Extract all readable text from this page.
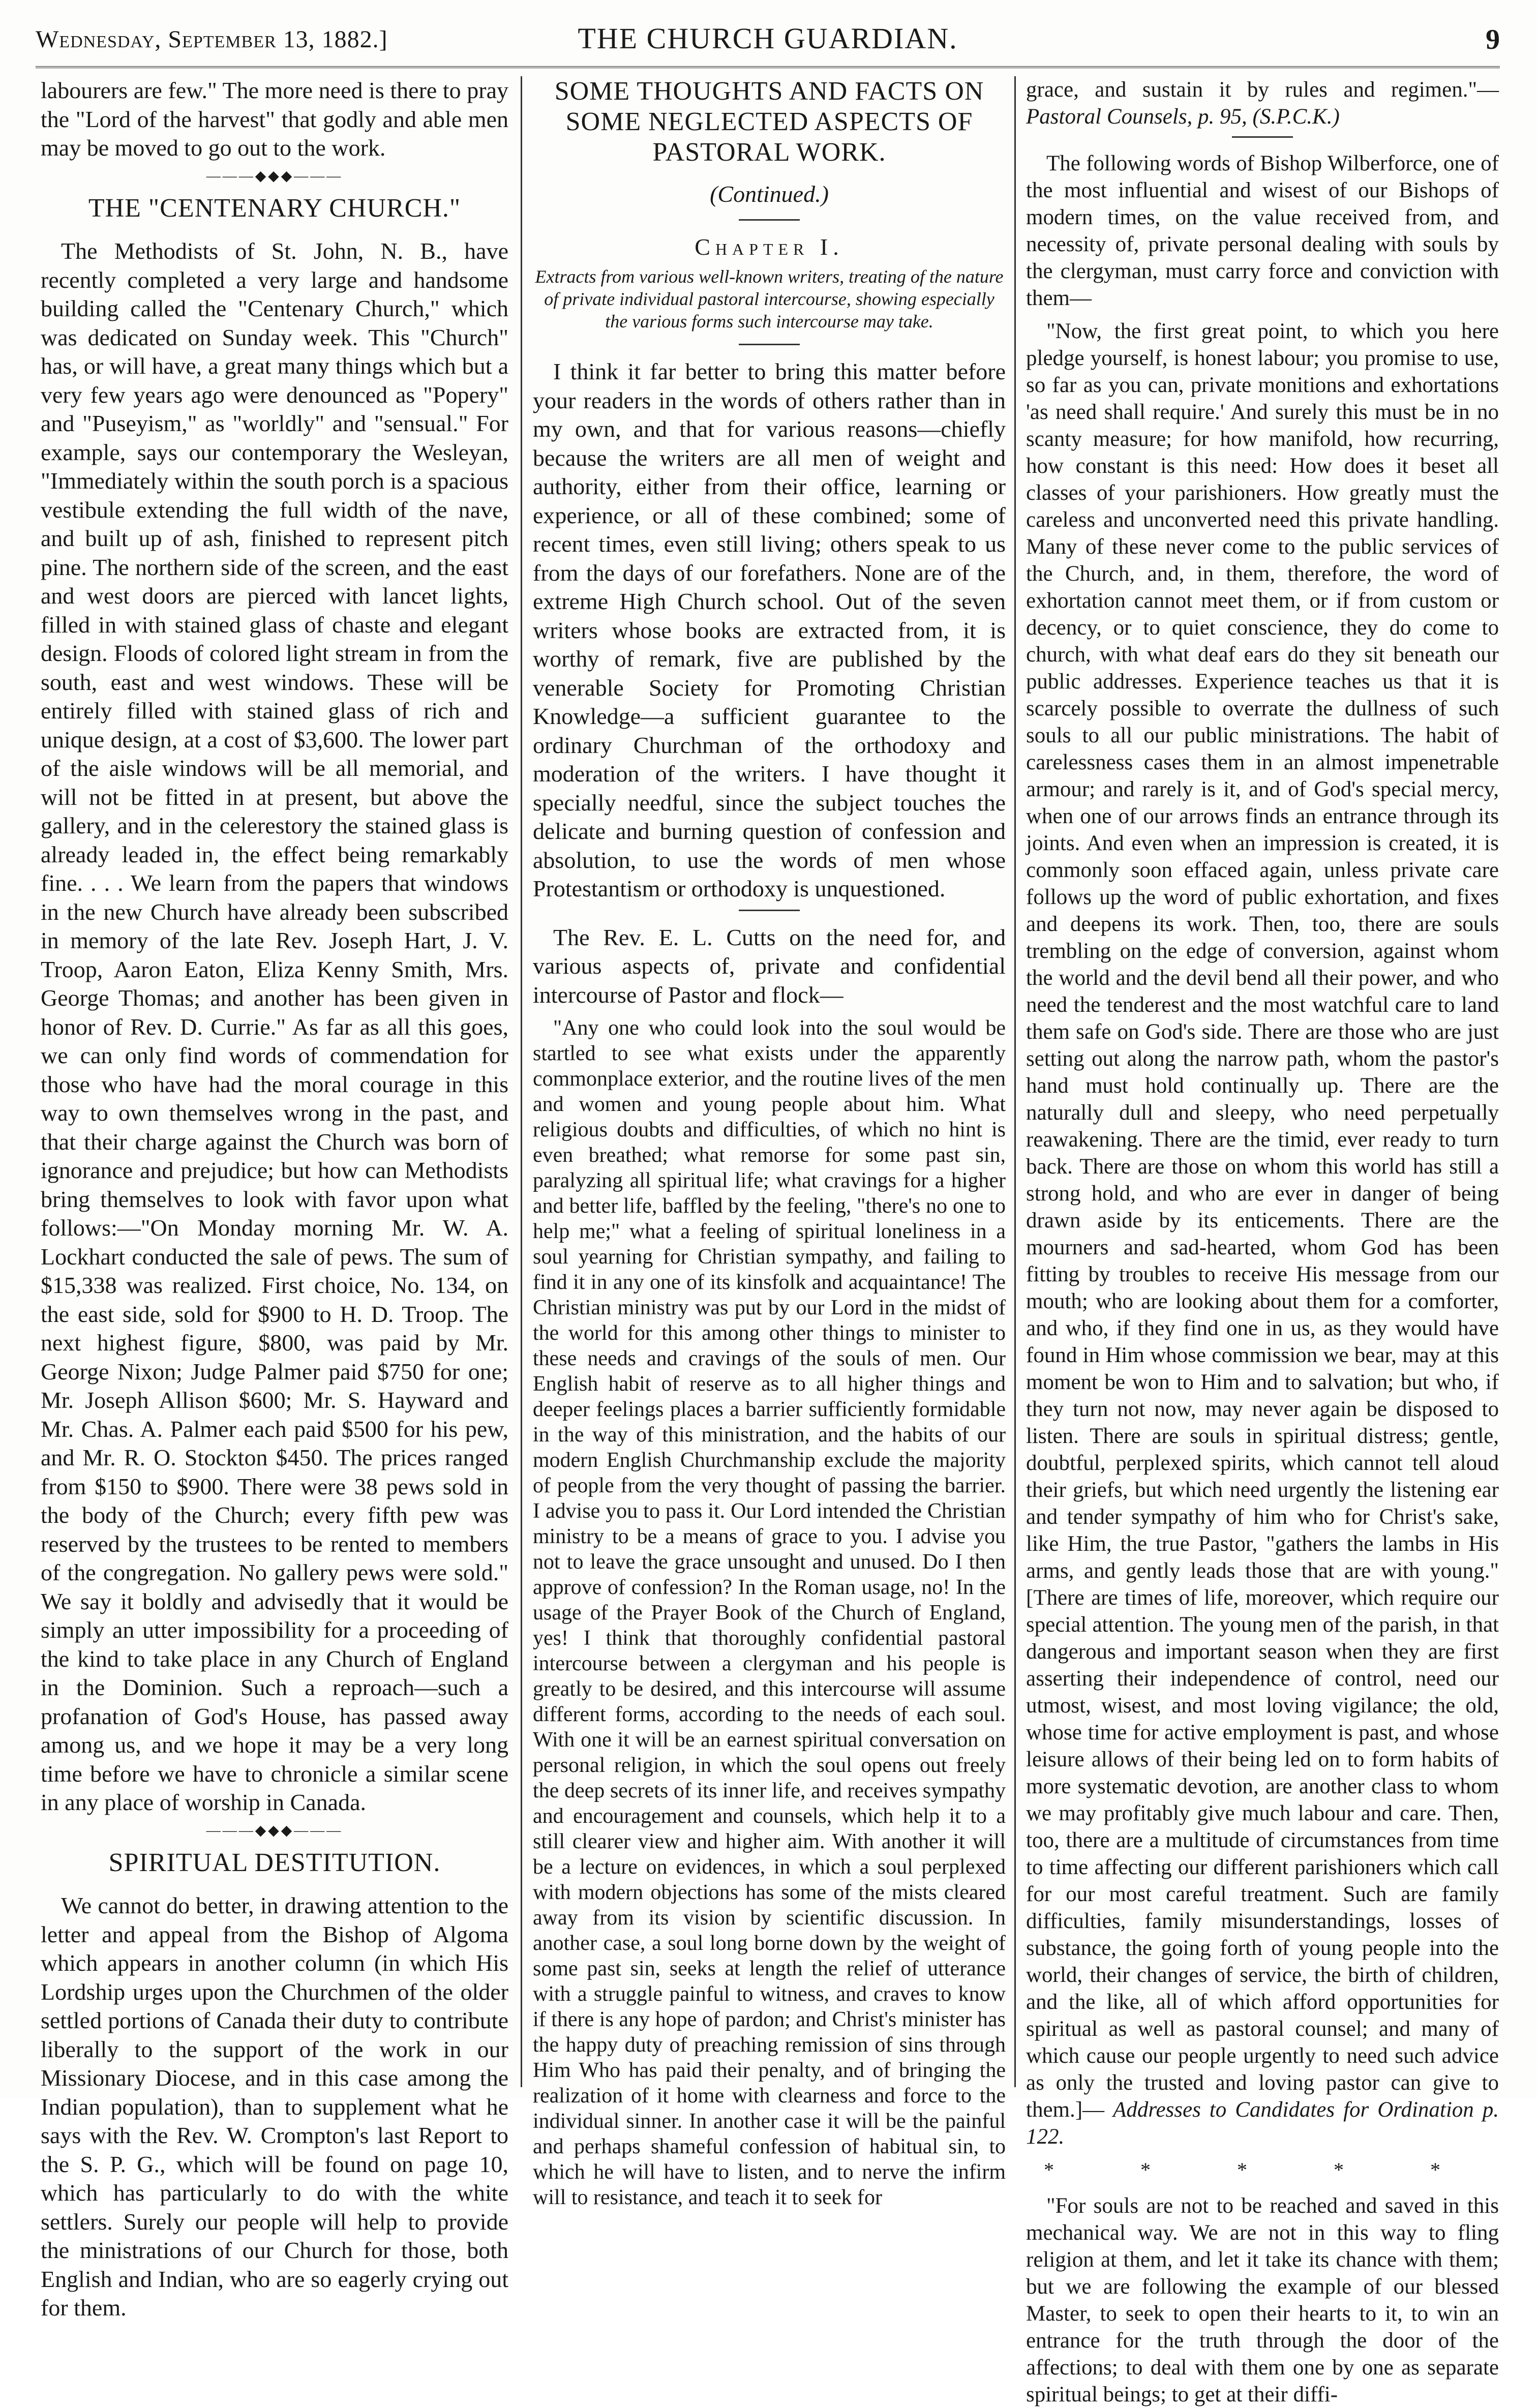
Wednesday, September 13, 1882.]	THE CHURCH GUARDIAN.	9

labourers are few." The more need is there to pray the "Lord of the harvest" that godly and able men may be moved to go out to the work.

———◆◆◆———
THE "CENTENARY CHURCH."

The Methodists of St. John, N. B., have recently completed a very large and handsome building called the "Centenary Church," which was dedicated on Sunday week. This "Church" has, or will have, a great many things which but a very few years ago were denounced as "Popery" and "Puseyism," as "worldly" and "sensual." For example, says our contemporary the Wesleyan, "Immediately within the south porch is a spacious vestibule extending the full width of the nave, and built up of ash, finished to represent pitch pine. The northern side of the screen, and the east and west doors are pierced with lancet lights, filled in with stained glass of chaste and elegant design. Floods of colored light stream in from the south, east and west windows. These will be entirely filled with stained glass of rich and unique design, at a cost of $3,600. The lower part of the aisle windows will be all memorial, and will not be fitted in at present, but above the gallery, and in the celerestory the stained glass is already leaded in, the effect being remarkably fine. . . . We learn from the papers that windows in the new Church have already been subscribed in memory of the late Rev. Joseph Hart, J. V. Troop, Aaron Eaton, Eliza Kenny Smith, Mrs. George Thomas; and another has been given in honor of Rev. D. Currie." As far as all this goes, we can only find words of commendation for those who have had the moral courage in this way to own themselves wrong in the past, and that their charge against the Church was born of ignorance and prejudice; but how can Methodists bring themselves to look with favor upon what follows:—"On Monday morning Mr. W. A. Lockhart conducted the sale of pews. The sum of $15,338 was realized. First choice, No. 134, on the east side, sold for $900 to H. D. Troop. The next highest figure, $800, was paid by Mr. George Nixon; Judge Palmer paid $750 for one; Mr. Joseph Allison $600; Mr. S. Hayward and Mr. Chas. A. Palmer each paid $500 for his pew, and Mr. R. O. Stockton $450. The prices ranged from $150 to $900. There were 38 pews sold in the body of the Church; every fifth pew was reserved by the trustees to be rented to members of the congregation. No gallery pews were sold." We say it boldly and advisedly that it would be simply an utter impossibility for a proceeding of the kind to take place in any Church of England in the Dominion. Such a reproach—such a profanation of God's House, has passed away among us, and we hope it may be a very long time before we have to chronicle a similar scene in any place of worship in Canada.

———◆◆◆———
SPIRITUAL DESTITUTION.

We cannot do better, in drawing attention to the letter and appeal from the Bishop of Algoma which appears in another column (in which His Lordship urges upon the Churchmen of the older settled portions of Canada their duty to contribute liberally to the support of the work in our Missionary Diocese, and in this case among the Indian population), than to supplement what he says with the Rev. W. Crompton's last Report to the S. P. G., which will be found on page 10, which has particularly to do with the white settlers. Surely our people will help to provide the ministrations of our Church for those, both English and Indian, who are so eagerly crying out for them.

SOME THOUGHTS AND FACTS ON SOME NEGLECTED ASPECTS OF PASTORAL WORK.
(Continued.)
Chapter I.
Extracts from various well-known writers, treating of the nature of private individual pastoral intercourse, showing especially the various forms such intercourse may take.

I think it far better to bring this matter before your readers in the words of others rather than in my own, and that for various reasons—chiefly because the writers are all men of weight and authority, either from their office, learning or experience, or all of these combined; some of recent times, even still living; others speak to us from the days of our forefathers. None are of the extreme High Church school. Out of the seven writers whose books are extracted from, it is worthy of remark, five are published by the venerable Society for Promoting Christian Knowledge—a sufficient guarantee to the ordinary Churchman of the orthodoxy and moderation of the writers. I have thought it specially needful, since the subject touches the delicate and burning question of confession and absolution, to use the words of men whose Protestantism or orthodoxy is unquestioned.

The Rev. E. L. Cutts on the need for, and various aspects of, private and confidential intercourse of Pastor and flock—

"Any one who could look into the soul would be startled to see what exists under the apparently commonplace exterior, and the routine lives of the men and women and young people about him. What religious doubts and difficulties, of which no hint is even breathed; what remorse for some past sin, paralyzing all spiritual life; what cravings for a higher and better life, baffled by the feeling, "there's no one to help me;" what a feeling of spiritual loneliness in a soul yearning for Christian sympathy, and failing to find it in any one of its kinsfolk and acquaintance! The Christian ministry was put by our Lord in the midst of the world for this among other things to minister to these needs and cravings of the souls of men. Our English habit of reserve as to all higher things and deeper feelings places a barrier sufficiently formidable in the way of this ministration, and the habits of our modern English Churchmanship exclude the majority of people from the very thought of passing the barrier. I advise you to pass it. Our Lord intended the Christian ministry to be a means of grace to you. I advise you not to leave the grace unsought and unused. Do I then approve of confession? In the Roman usage, no! In the usage of the Prayer Book of the Church of England, yes! I think that thoroughly confidential pastoral intercourse between a clergyman and his people is greatly to be desired, and this intercourse will assume different forms, according to the needs of each soul. With one it will be an earnest spiritual conversation on personal religion, in which the soul opens out freely the deep secrets of its inner life, and receives sympathy and encouragement and counsels, which help it to a still clearer view and higher aim. With another it will be a lecture on evidences, in which a soul perplexed with modern objections has some of the mists cleared away from its vision by scientific discussion. In another case, a soul long borne down by the weight of some past sin, seeks at length the relief of utterance with a struggle painful to witness, and craves to know if there is any hope of pardon; and Christ's minister has the happy duty of preaching remission of sins through Him Who has paid their penalty, and of bringing the realization of it home with clearness and force to the individual sinner. In another case it will be the painful and perhaps shameful confession of habitual sin, to which he will have to listen, and to nerve the infirm will to resistance, and teach it to seek for

grace, and sustain it by rules and regimen."— Pastoral Counsels, p. 95, (S.P.C.K.)

The following words of Bishop Wilberforce, one of the most influential and wisest of our Bishops of modern times, on the value received from, and necessity of, private personal dealing with souls by the clergyman, must carry force and conviction with them—

"Now, the first great point, to which you here pledge yourself, is honest labour; you promise to use, so far as you can, private monitions and exhortations 'as need shall require.' And surely this must be in no scanty measure; for how manifold, how recurring, how constant is this need: How does it beset all classes of your parishioners. How greatly must the careless and unconverted need this private handling. Many of these never come to the public services of the Church, and, in them, therefore, the word of exhortation cannot meet them, or if from custom or decency, or to quiet conscience, they do come to church, with what deaf ears do they sit beneath our public addresses. Experience teaches us that it is scarcely possible to overrate the dullness of such souls to all our public ministrations. The habit of carelessness cases them in an almost impenetrable armour; and rarely is it, and of God's special mercy, when one of our arrows finds an entrance through its joints. And even when an impression is created, it is commonly soon effaced again, unless private care follows up the word of public exhortation, and fixes and deepens its work. Then, too, there are souls trembling on the edge of conversion, against whom the world and the devil bend all their power, and who need the tenderest and the most watchful care to land them safe on God's side. There are those who are just setting out along the narrow path, whom the pastor's hand must hold continually up. There are the naturally dull and sleepy, who need perpetually reawakening. There are the timid, ever ready to turn back. There are those on whom this world has still a strong hold, and who are ever in danger of being drawn aside by its enticements. There are the mourners and sad-hearted, whom God has been fitting by troubles to receive His message from our mouth; who are looking about them for a comforter, and who, if they find one in us, as they would have found in Him whose commission we bear, may at this moment be won to Him and to salvation; but who, if they turn not now, may never again be disposed to listen. There are souls in spiritual distress; gentle, doubtful, perplexed spirits, which cannot tell aloud their griefs, but which need urgently the listening ear and tender sympathy of him who for Christ's sake, like Him, the true Pastor, "gathers the lambs in His arms, and gently leads those that are with young." [There are times of life, moreover, which require our special attention. The young men of the parish, in that dangerous and important season when they are first asserting their independence of control, need our utmost, wisest, and most loving vigilance; the old, whose time for active employment is past, and whose leisure allows of their being led on to form habits of more systematic devotion, are another class to whom we may profitably give much labour and care. Then, too, there are a multitude of circumstances from time to time affecting our different parishioners which call for our most careful treatment. Such are family difficulties, family misunderstandings, losses of substance, the going forth of young people into the world, their changes of service, the birth of children, and the like, all of which afford opportunities for spiritual as well as pastoral counsel; and many of which cause our people urgently to need such advice as only the trusted and loving pastor can give to them.]— Addresses to Candidates for Ordination p. 122.

* * * * *

"For souls are not to be reached and saved in this mechanical way. We are not in this way to fling religion at them, and let it take its chance with them; but we are following the example of our blessed Master, to seek to open their hearts to it, to win an entrance for the truth through the door of the affections; to deal with them one by one as separate spiritual beings; to get at their diffi-
